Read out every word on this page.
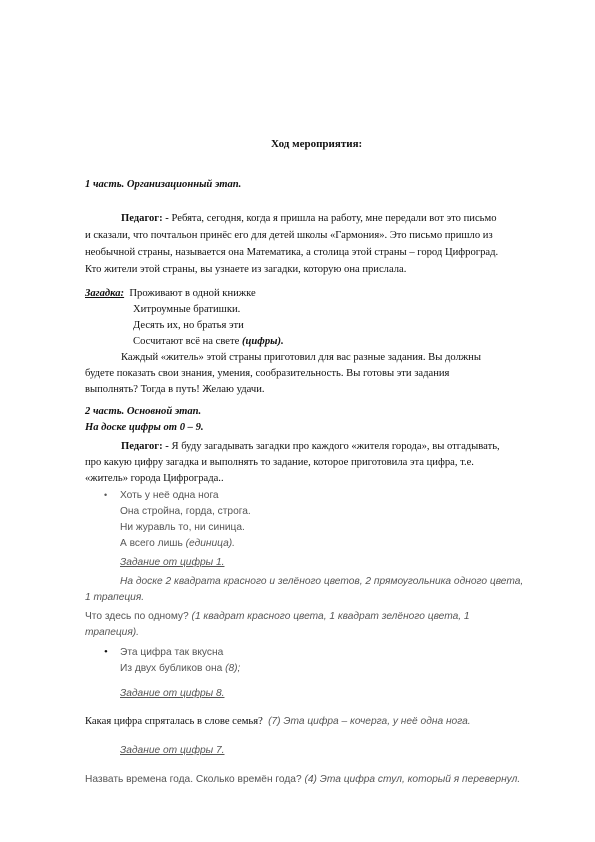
Ход мероприятия:
1 часть. Организационный этап.
Педагог: - Ребята, сегодня, когда я пришла на работу, мне передали вот это письмо
и сказали, что почтальон принёс его для детей школы «Гармония». Это письмо пришло из
необычной страны, называется она Математика, а столица этой страны – город Цифроград.
Кто жители этой страны, вы узнаете из загадки, которую она прислала.
Загадка: Проживают в одной книжке
Хитроумные братишки.
Десять их, но братья эти
Сосчитают всё на свете (цифры).
Каждый «житель» этой страны приготовил для вас разные задания. Вы должны
будете показать свои знания, умения, сообразительность. Вы готовы эти задания
выполнять? Тогда в путь! Желаю удачи.
2 часть. Основной этап.
На доске цифры от 0 – 9.
Педагог: - Я буду загадывать загадки про каждого «жителя города», вы отгадывать,
про какую цифру загадка и выполнять то задание, которое приготовила эта цифра, т.е.
«житель» города Цифрограда..
• Хоть у неё одна нога
Она стройна, горда, строга.
Ни журавль то, ни синица.
А всего лишь (единица).
Задание от цифры 1.
На доске 2 квадрата красного и зелёного цветов, 2 прямоугольника одного цвета,
1 трапеция.
Что здесь по одному? (1 квадрат красного цвета, 1 квадрат зелёного цвета, 1
трапеция).
• Эта цифра так вкусна
Из двух бубликов она (8);
Задание от цифры 8.
Какая цифра спряталась в слове семья? (7) Эта цифра – кочерга, у неё одна нога.
Задание от цифры 7.
Назвать времена года. Сколько времён года? (4) Эта цифра стул, который я перевернул.
